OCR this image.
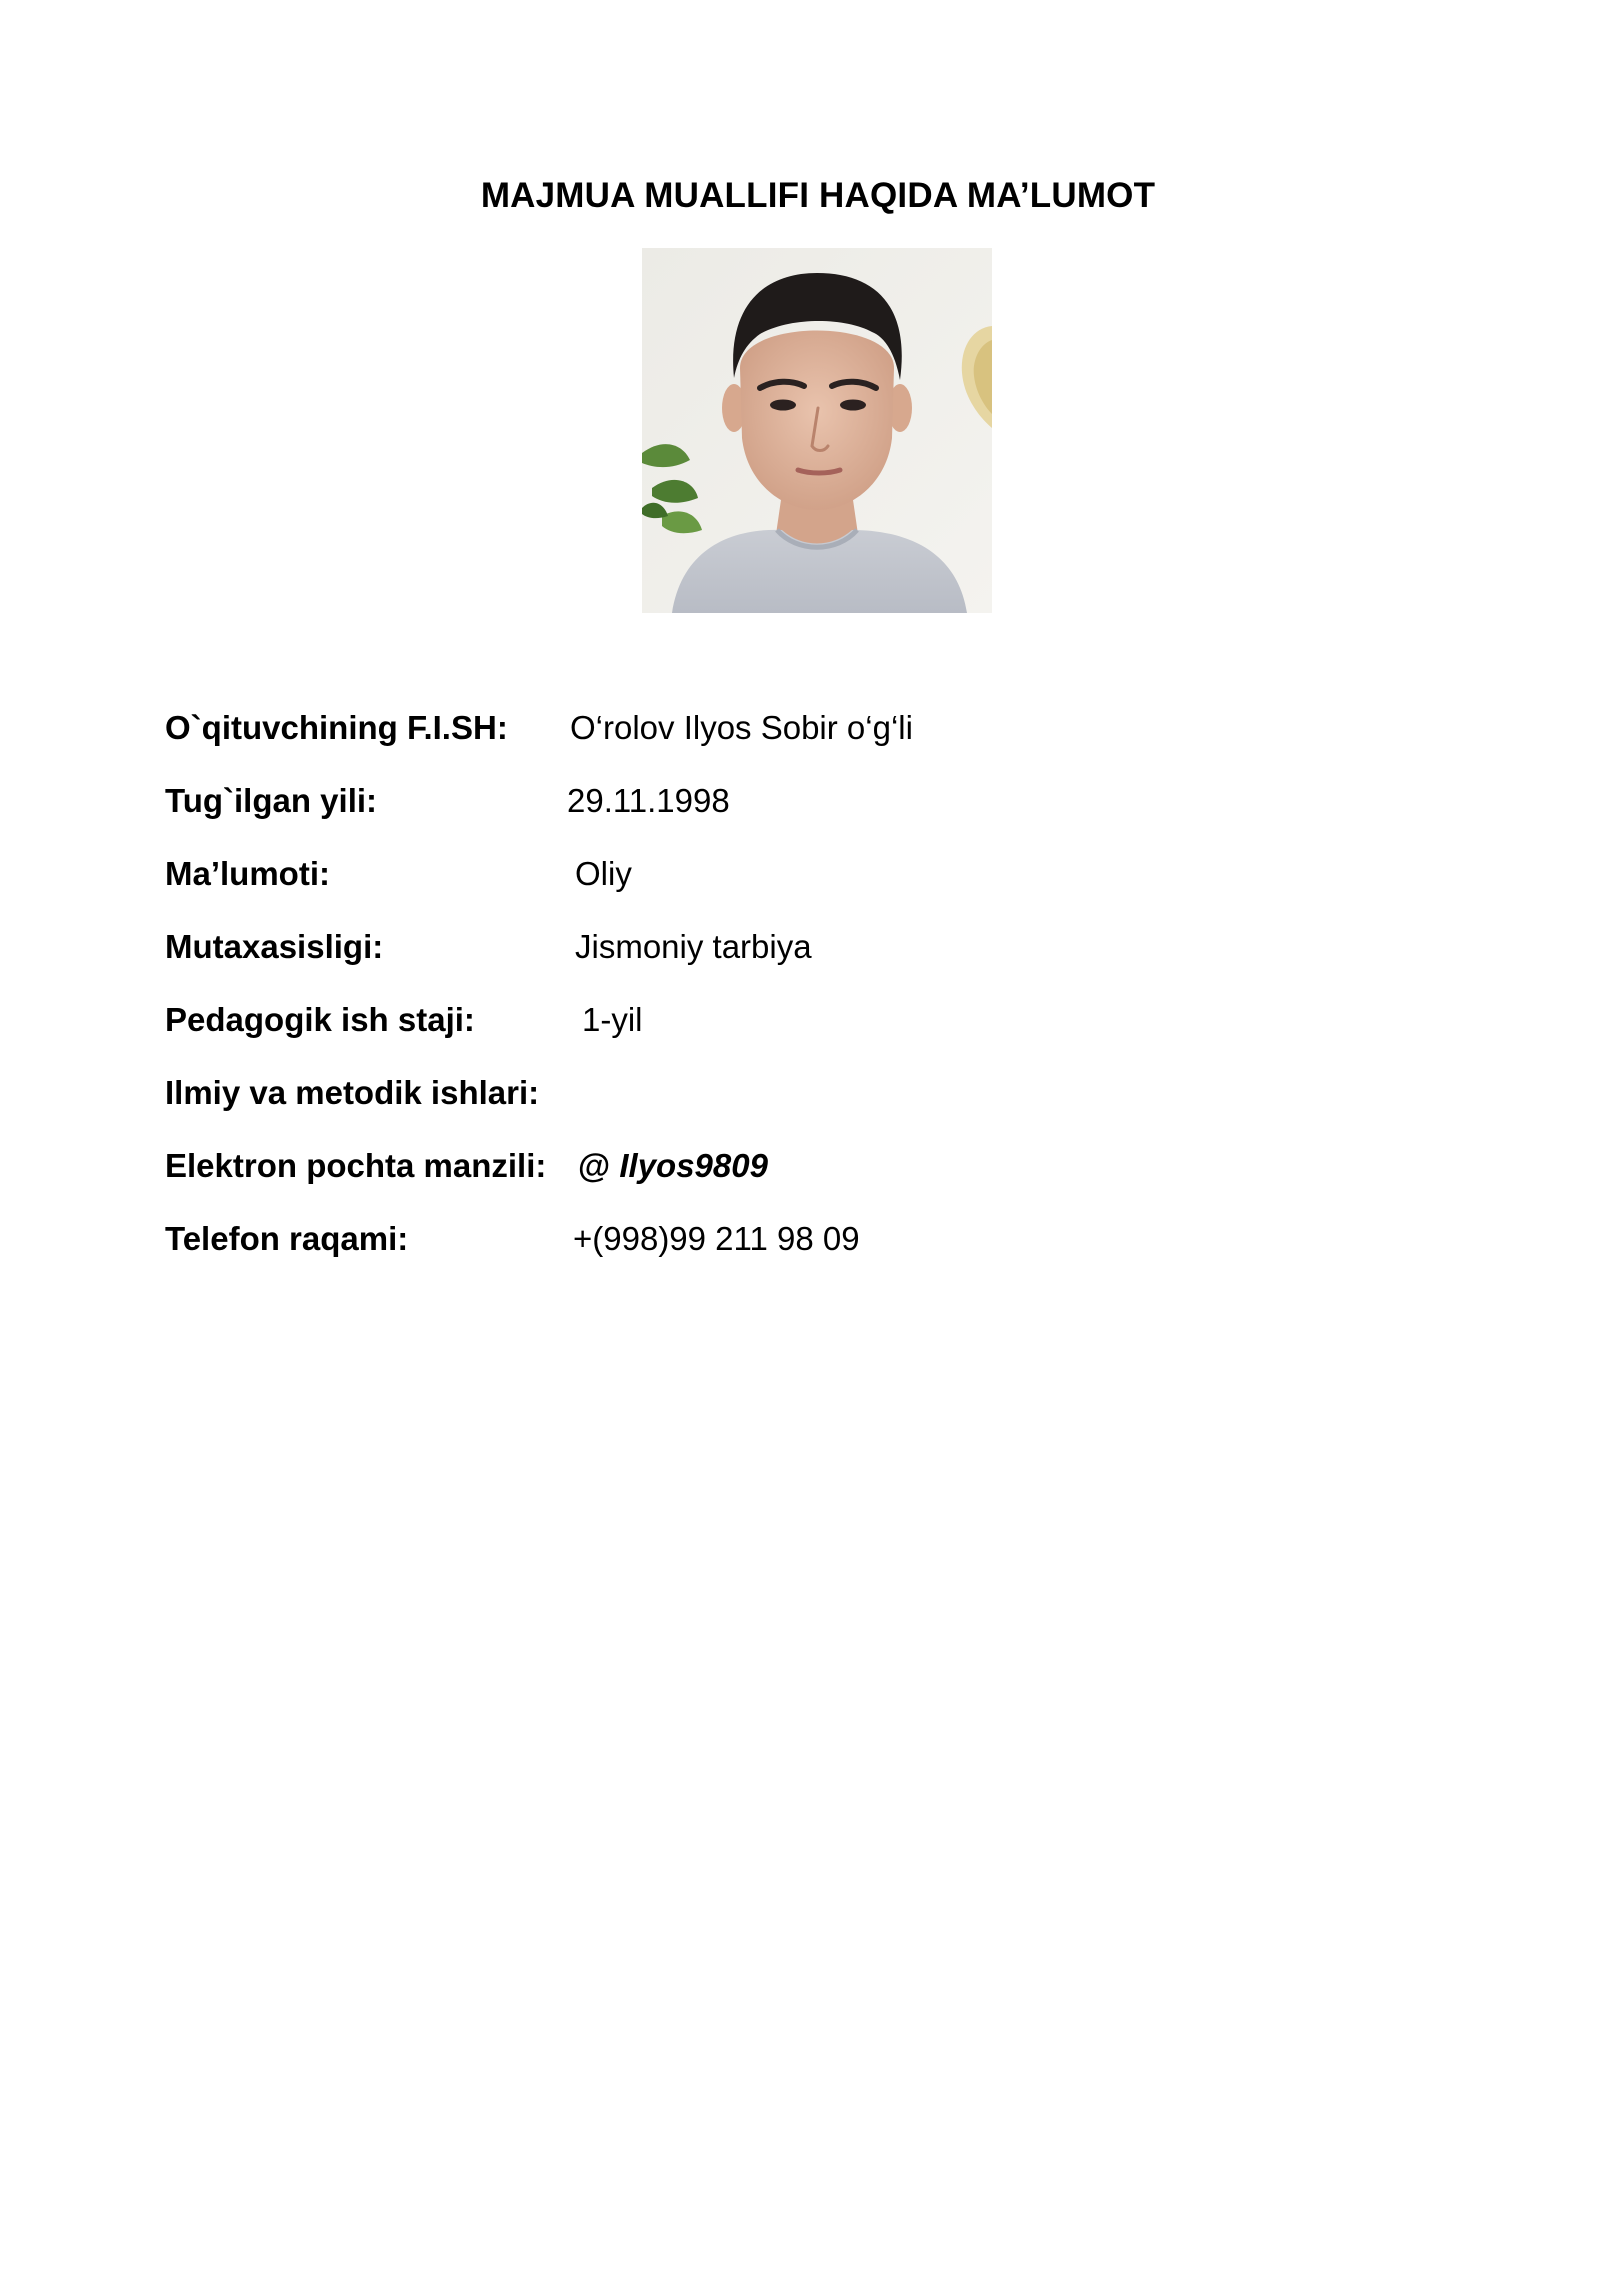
MAJMUA MUALLIFI HAQIDA MA’LUMOT
O`qituvchining F.I.SH: O‘rolov Ilyos Sobir o‘g‘li
Tug`ilgan yili:	29.11.1998
Ma’lumoti:	Oliy
Mutaxasisligi:	Jismoniy tarbiya
Pedagogik ish staji:	1-yil
Ilmiy va metodik ishlari:
Elektron pochta manzili: @ Ilyos9809
Telefon raqami:	+(998)99 211 98 09
